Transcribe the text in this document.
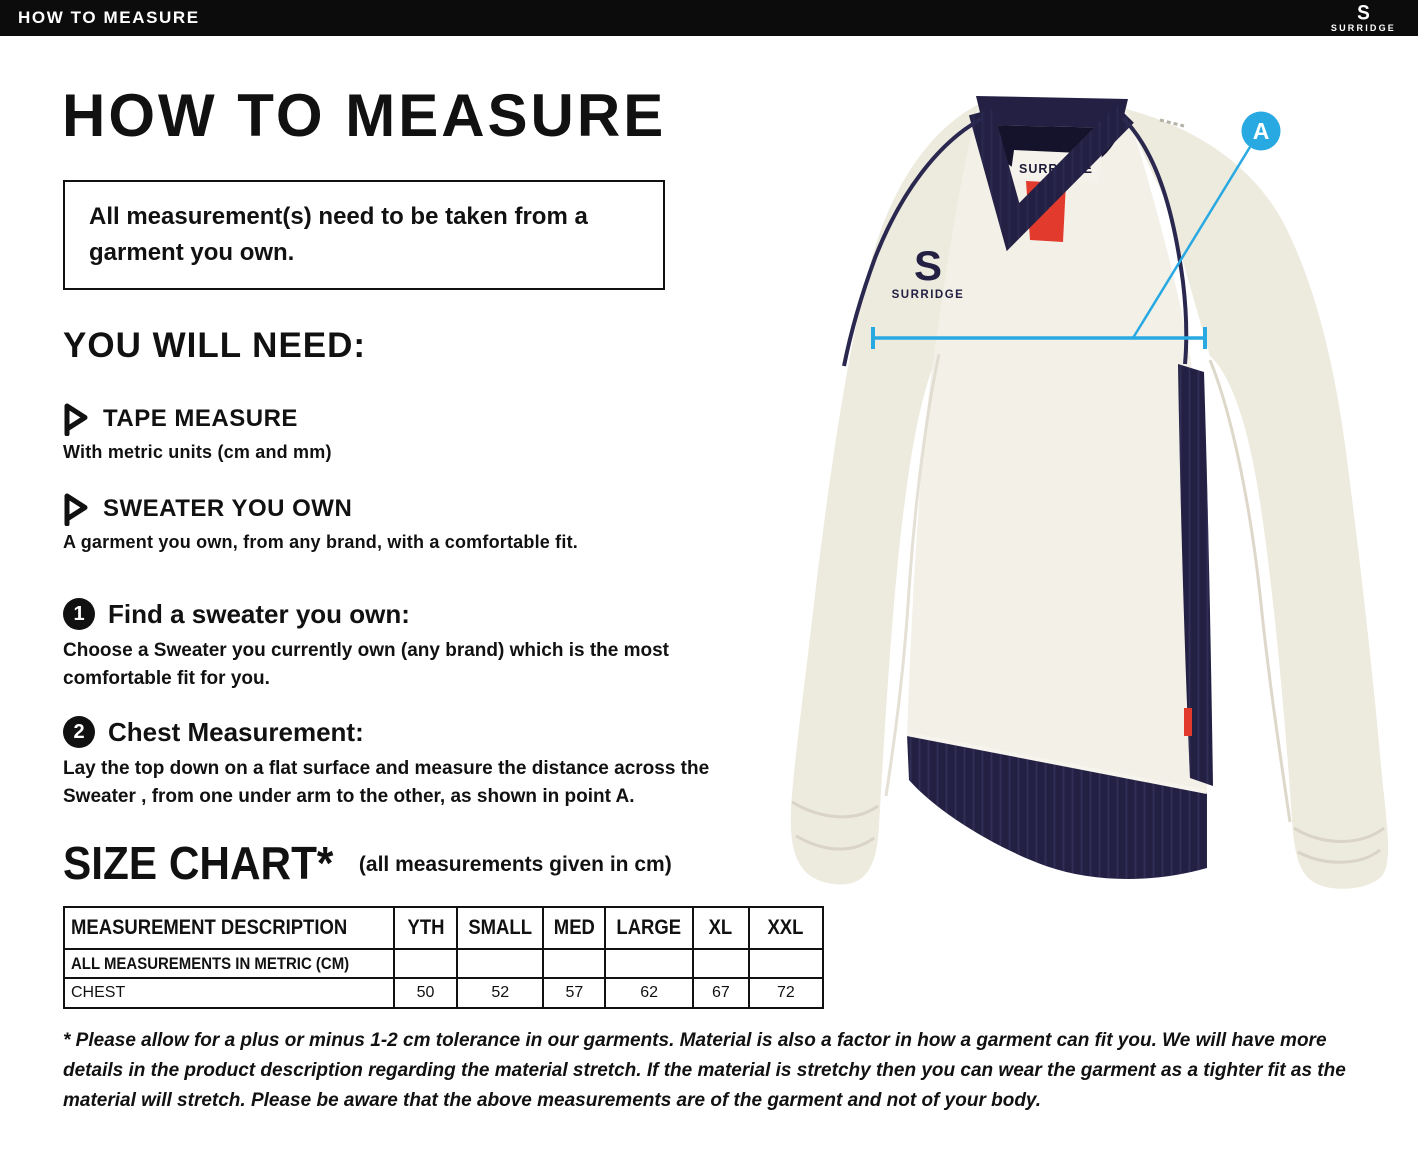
HOW TO MEASURE	S
SURRIDGE
HOW TO MEASURE
All measurement(s) need to be taken from a garment you own.
YOU WILL NEED:
TAPE MEASURE
With metric units (cm and mm)
SWEATER YOU OWN
A garment you own, from any brand, with a comfortable fit.
1 Find a sweater you own:
Choose a Sweater you currently own (any brand) which is the most comfortable fit for you.
2 Chest Measurement:
Lay the top down on a flat surface and measure the distance across the Sweater , from one under arm to the other, as shown in point A.
SIZE CHART* (all measurements given in cm)
MEASUREMENT DESCRIPTION	YTH	SMALL	MED	LARGE	XL	XXL
ALL MEASUREMENTS IN METRIC (CM)						
CHEST	50	52	57	62	67	72
* Please allow for a plus or minus 1-2 cm tolerance in our garments. Material is also a factor in how a garment can fit you. We will have more details in the product description regarding the material stretch. If the material is stretchy then you can wear the garment as a tighter fit as the material will stretch. Please be aware that the above measurements are of the garment and not of your body.
SURRIDGE
S
SURRIDGE
A
